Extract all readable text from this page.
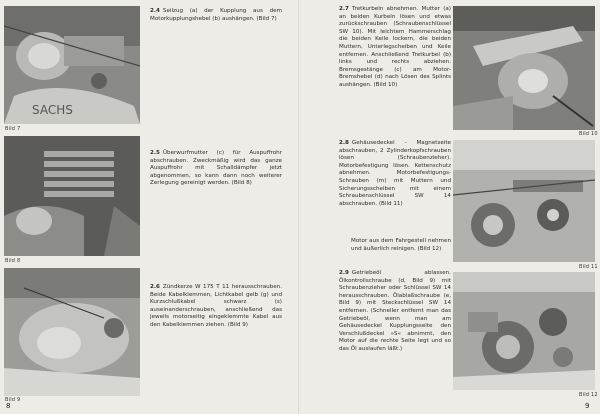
SACHS
Bild 7
Bild 8
Bild 9
2.4 Seilzug (a) der Kupplung aus dem Motorkupplungshebel (b) aushängen. (Bild 7)
2.5 Überwurfmutter (c) für Auspuffrohr abschrauben. Zweckmäßig wird das ganze Auspuffrohr mit Schalldämpfer jetzt abgenommen, so kann dann noch weiterer Zerlegung gereinigt werden. (Bild 8)
2.6 Zündkerze W 175 T 11 herausschrauben. Beide Kabelklemmen, Lichtkabel gelb (g) und Kurzschlußkabel schwarz (s) auseinanderschrauben, anschließend das jeweils motorseitig eingeklemmte Kabel aus den Kabelklemmen ziehen. (Bild 9)
8
2.7 Tretkurbeln abnehmen. Mutter (a) an beiden Kurbeln lösen und etwas zurückschrauben (Schraubenschlüssel SW 10). Mit leichtem Hammerschlag die beiden Keile lockern, die beiden Muttern, Unterlegscheiben und Keile entfernen. Anschließend Tretkurbel (b) links und rechts abziehen. Bremsgestänge (c) am Motor-Bremshebel (d) nach Lösen des Splints aushängen. (Bild 10)
2.8 Gehäusedeckel - Magnetseite abschrauben, 2 Zylinderkopfschrauben lösen (Schraubenzieher). Motorbefestigung lösen. Kettenschutz abnehmen. Motorbefestigungs-Schrauben (m) mit Muttern und Sicherungsscheiben mit einem Schraubenschlüssel SW 14 abschrauben. (Bild 11)
Motor aus dem Fahrgestell nehmen und äußerlich reinigen. (Bild 12)
2.9 Getriebeöl ablassen. Ölkontrollschraube (d, Bild 9) mit Schraubenzieher oder Schlüssel SW 14 herausschrauben. Ölablaßschraube (e, Bild 9) mit Steckschlüssel SW 14 entfernen. (Schneller entfernt man das Getriebeöl, wenn man am Gehäusedeckel Kupplungsseite den Verschlußdeckel »S« abnimmt, den Motor auf die rechte Seite legt und so das Öl auslaufen läßt.)
Bild 10
Bild 11
Bild 12
9
